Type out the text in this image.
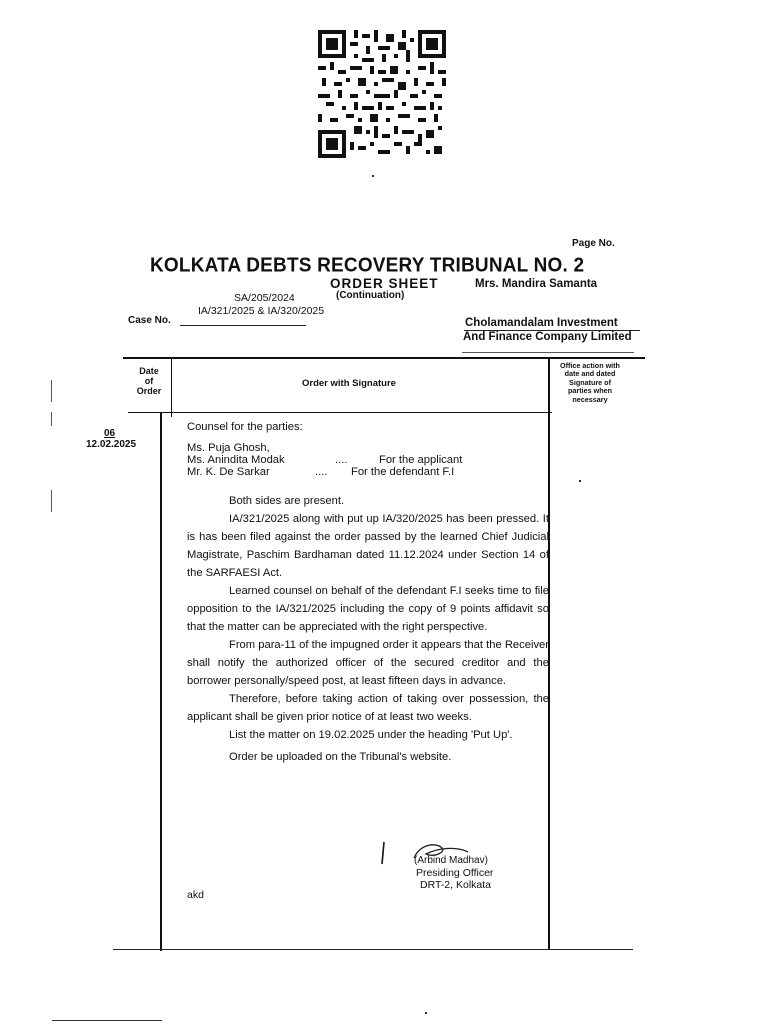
Page No.
KOLKATA DEBTS RECOVERY TRIBUNAL NO. 2
ORDER SHEET
(Continuation)
Mrs. Mandira Samanta
SA/205/2024
IA/321/2025 & IA/320/2025
Case No.	Cholamandalam Investment
And Finance Company Limited
Date
of
Order
Order with Signature
Office action with
date and dated
Signature of
parties when
necessary
06
12.02.2025

Counsel for the parties:

Ms. Puja Ghosh,
Ms. Anindita Modak	....	For the applicant
Mr. K. De Sarkar	....	For the defendant F.I

Both sides are present.

IA/321/2025 along with put up IA/320/2025 has been pressed. It is has been filed against the order passed by the learned Chief Judicial Magistrate, Paschim Bardhaman dated 11.12.2024 under Section 14 of the SARFAESI Act.

Learned counsel on behalf of the defendant F.I seeks time to file opposition to the IA/321/2025 including the copy of 9 points affidavit so that the matter can be appreciated with the right perspective.

From para-11 of the impugned order it appears that the Receiver shall notify the authorized officer of the secured creditor and the borrower personally/speed post, at least fifteen days in advance.

Therefore, before taking action of taking over possession, the applicant shall be given prior notice of at least two weeks.

List the matter on 19.02.2025 under the heading 'Put Up'.

Order be uploaded on the Tribunal's website.

(Arbind Madhav)
Presiding Officer
DRT-2, Kolkata
akd
